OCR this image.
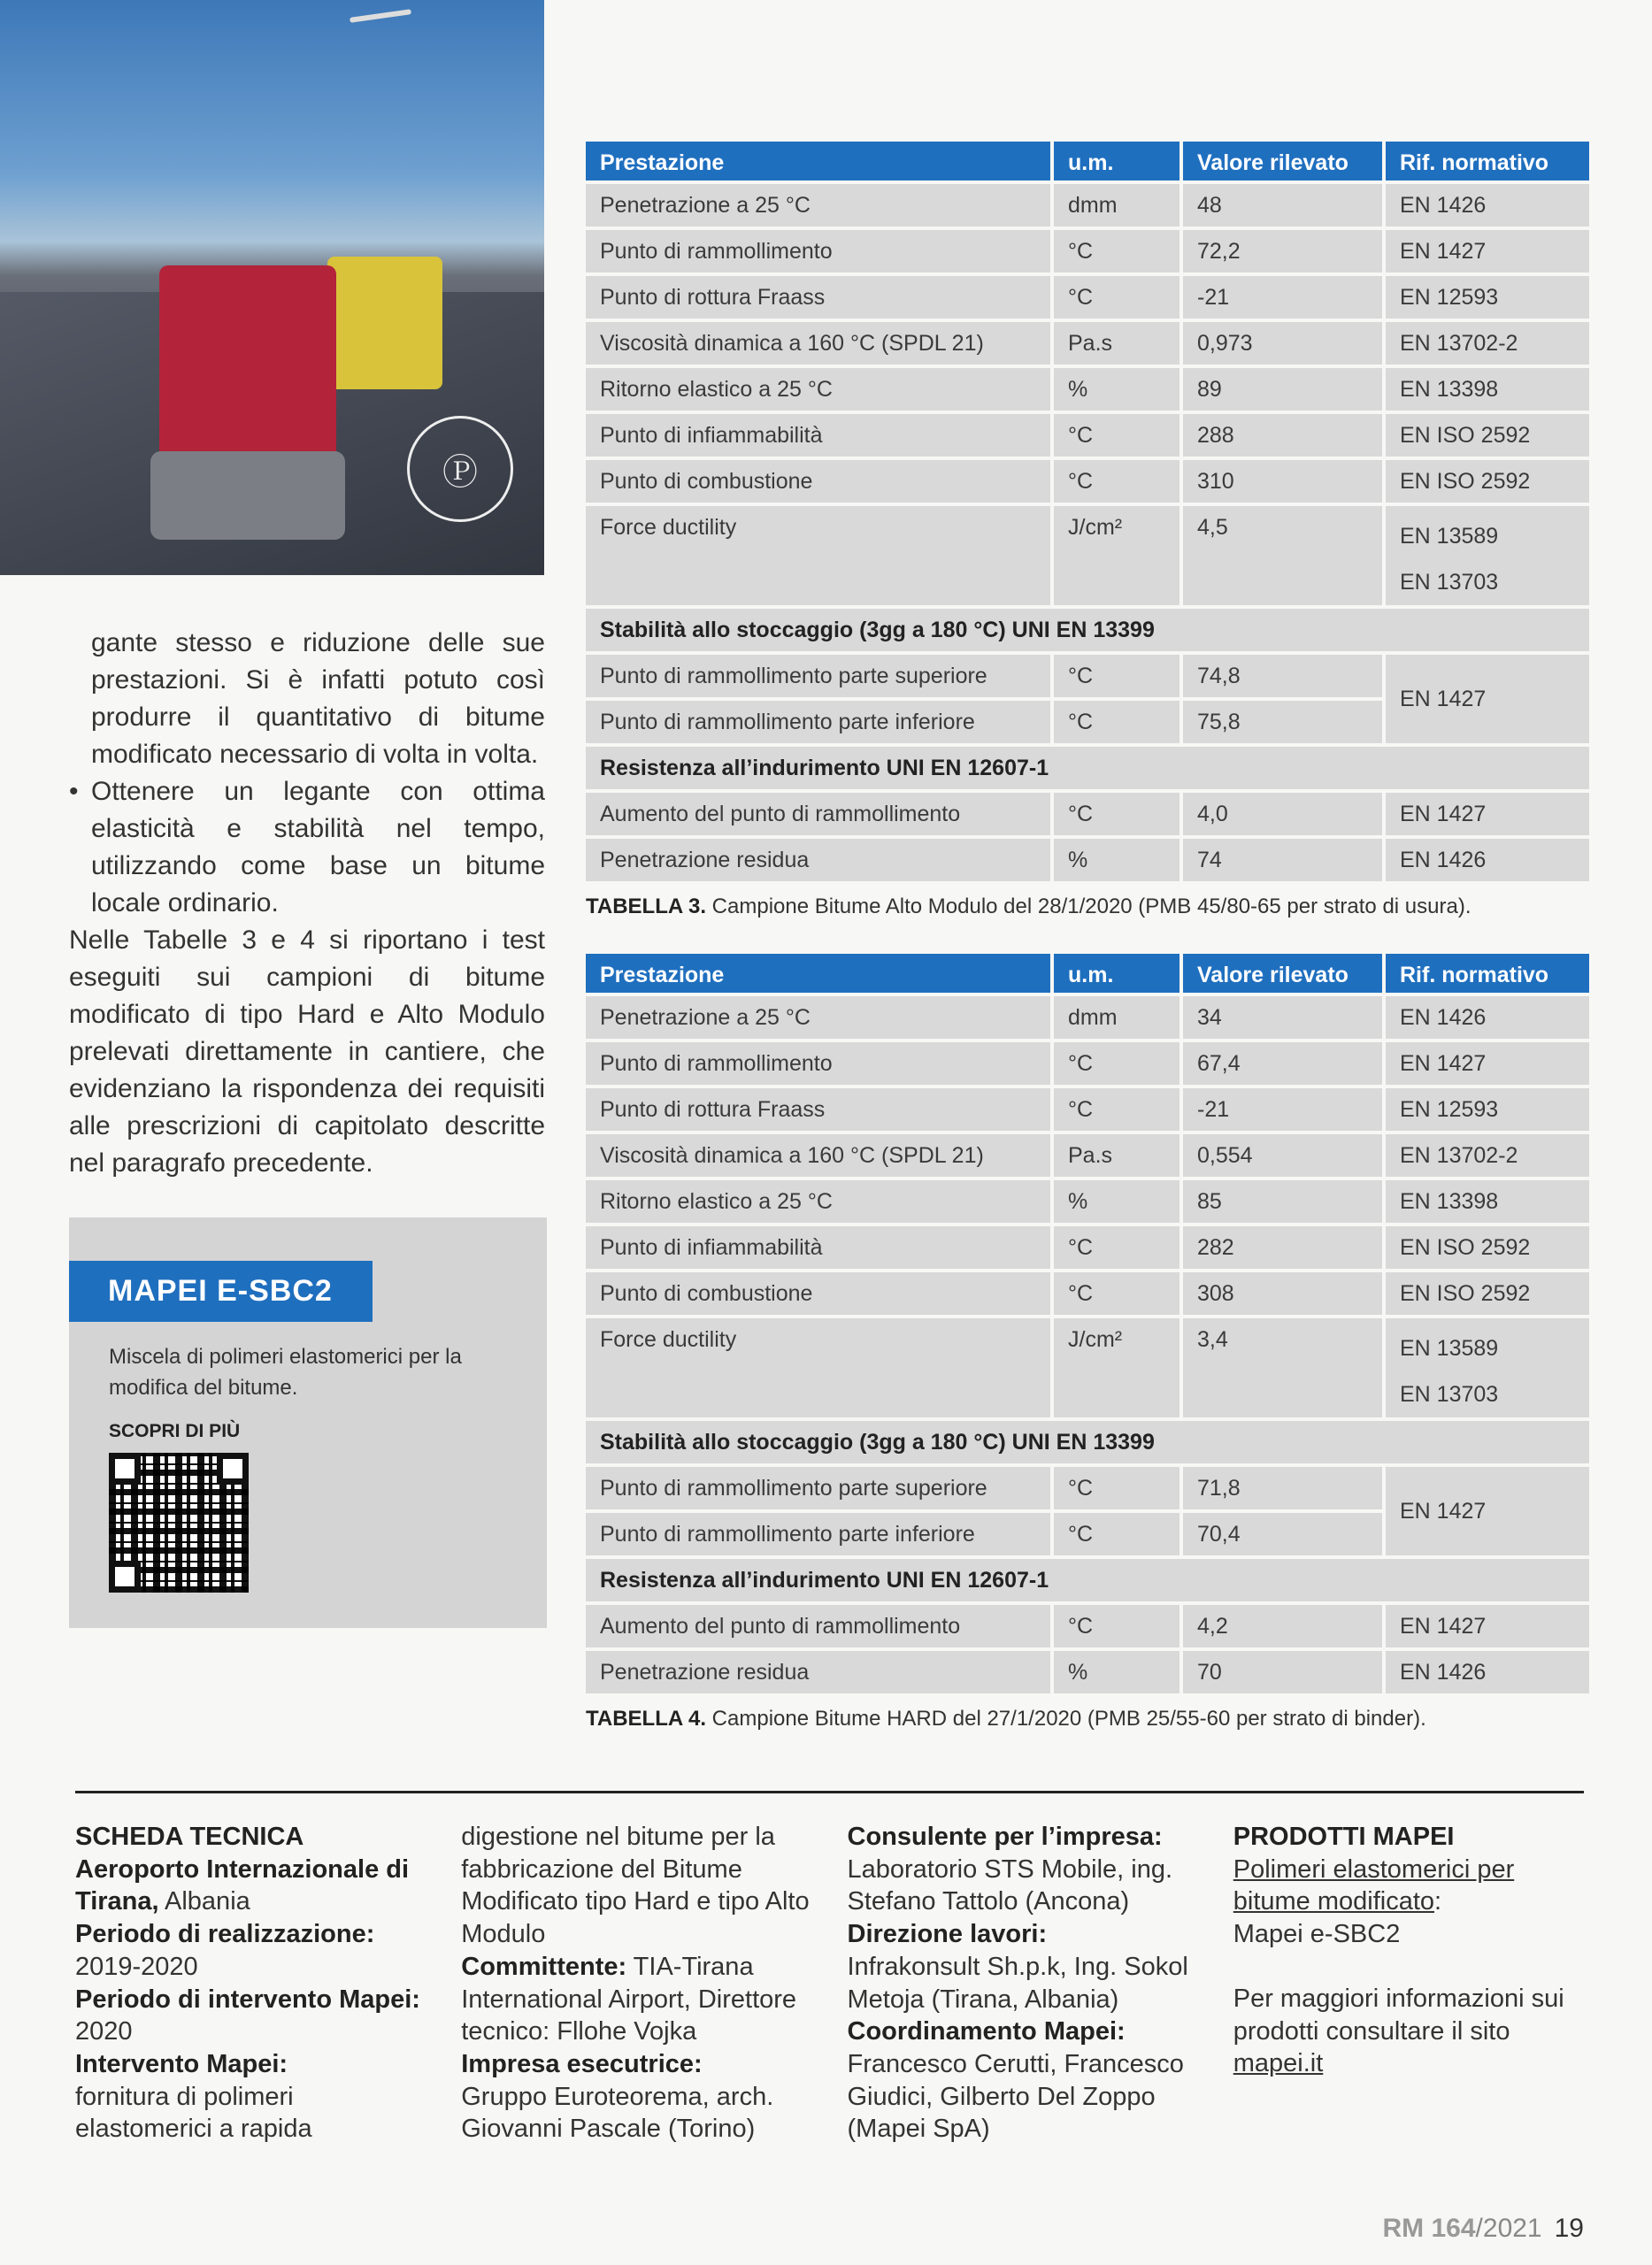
Ⓟ

gante stesso e riduzione delle sue prestazioni. Si è infatti potuto così produrre il quantitativo di bitume modificato necessario di volta in volta.

• Ottenere un legante con ottima elasticità e stabilità nel tempo, utilizzando come base un bitume locale ordinario.

Nelle Tabelle 3 e 4 si riportano i test eseguiti sui campioni di bitume modificato di tipo Hard e Alto Modulo prelevati direttamente in cantiere, che evidenziano la rispondenza dei requisiti alle prescrizioni di capitolato descritte nel paragrafo precedente.

MAPEI E-SBC2
Miscela di polimeri elastomerici per la modifica del bitume.
SCOPRI DI PIÙ
Prestazione	u.m.	Valore rilevato	Rif. normativo
Penetrazione a 25 °C	dmm	48	EN 1426
Punto di rammollimento	°C	72,2	EN 1427
Punto di rottura Fraass	°C	-21	EN 12593
Viscosità dinamica a 160 °C (SPDL 21)	Pa.s	0,973	EN 13702-2
Ritorno elastico a 25 °C	%	89	EN 13398
Punto di infiammabilità	°C	288	EN ISO 2592
Punto di combustione	°C	310	EN ISO 2592
Force ductility	J/cm²	4,5	EN 13589
EN 13703

Stabilità allo stoccaggio (3gg a 180 °C) UNI EN 13399			
Punto di rammollimento parte superiore	°C	74,8	EN 1427
Punto di rammollimento parte inferiore	°C	75,8	
Resistenza all’indurimento UNI EN 12607-1			
Aumento del punto di rammollimento	°C	4,0	EN 1427
Penetrazione residua	%	74	EN 1426
TABELLA 3. Campione Bitume Alto Modulo del 28/1/2020 (PMB 45/80-65 per strato di usura).
Prestazione	u.m.	Valore rilevato	Rif. normativo
Penetrazione a 25 °C	dmm	34	EN 1426
Punto di rammollimento	°C	67,4	EN 1427
Punto di rottura Fraass	°C	-21	EN 12593
Viscosità dinamica a 160 °C (SPDL 21)	Pa.s	0,554	EN 13702-2
Ritorno elastico a 25 °C	%	85	EN 13398
Punto di infiammabilità	°C	282	EN ISO 2592
Punto di combustione	°C	308	EN ISO 2592
Force ductility	J/cm²	3,4	EN 13589
EN 13703

Stabilità allo stoccaggio (3gg a 180 °C) UNI EN 13399			
Punto di rammollimento parte superiore	°C	71,8	EN 1427
Punto di rammollimento parte inferiore	°C	70,4	
Resistenza all’indurimento UNI EN 12607-1			
Aumento del punto di rammollimento	°C	4,2	EN 1427
Penetrazione residua	%	70	EN 1426
TABELLA 4. Campione Bitume HARD del 27/1/2020 (PMB 25/55-60 per strato di binder).
SCHEDA TECNICA
Aeroporto Internazionale di Tirana, Albania
Periodo di realizzazione:
2019-2020
Periodo di intervento Mapei: 2020
Intervento Mapei:
fornitura di polimeri elastomerici a rapida digestione nel bitume per la fabbricazione del Bitume Modificato tipo Hard e tipo Alto Modulo
Committente: TIA-Tirana International Airport, Direttore tecnico: Fllohe Vojka
Impresa esecutrice:
Gruppo Euroteorema, arch. Giovanni Pascale (Torino)
Consulente per l’impresa:
Laboratorio STS Mobile, ing. Stefano Tattolo (Ancona)
Direzione lavori:
Infrakonsult Sh.p.k, Ing. Sokol Metoja (Tirana, Albania)
Coordinamento Mapei:
Francesco Cerutti, Francesco Giudici, Gilberto Del Zoppo (Mapei SpA)
PRODOTTI MAPEI
Polimeri elastomerici per bitume modificato:
Mapei e-SBC2
Per maggiori informazioni sui prodotti consultare il sito mapei.it
RM 164/2021 19
